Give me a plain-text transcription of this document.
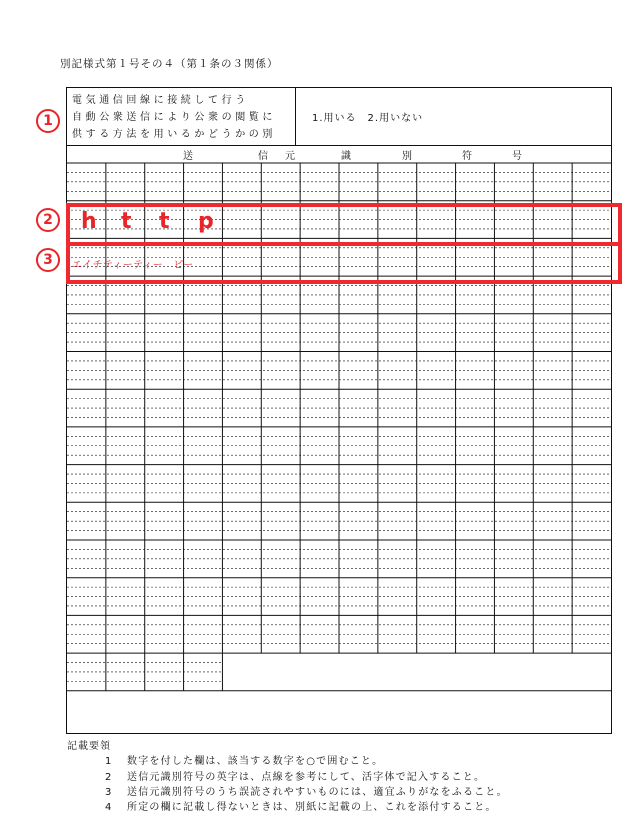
別記様式第１号その４（第１条の３関係）
電気通信回線に接続して行う
自動公衆送信により公衆の閲覧に
供する方法を用いるかどうかの別
1.用いる　2.用いない
送	信 元	識	別	符	号
1
2
3
h t t p
エイチティーティー　ピー
記載要領
1 数字を付した欄は、該当する数字を○で囲むこと。
2 送信元識別符号の英字は、点線を参考にして、活字体で記入すること。
3 送信元識別符号のうち誤読されやすいものには、適宜ふりがなをふること。
4 所定の欄に記載し得ないときは、別紙に記載の上、これを添付すること。
